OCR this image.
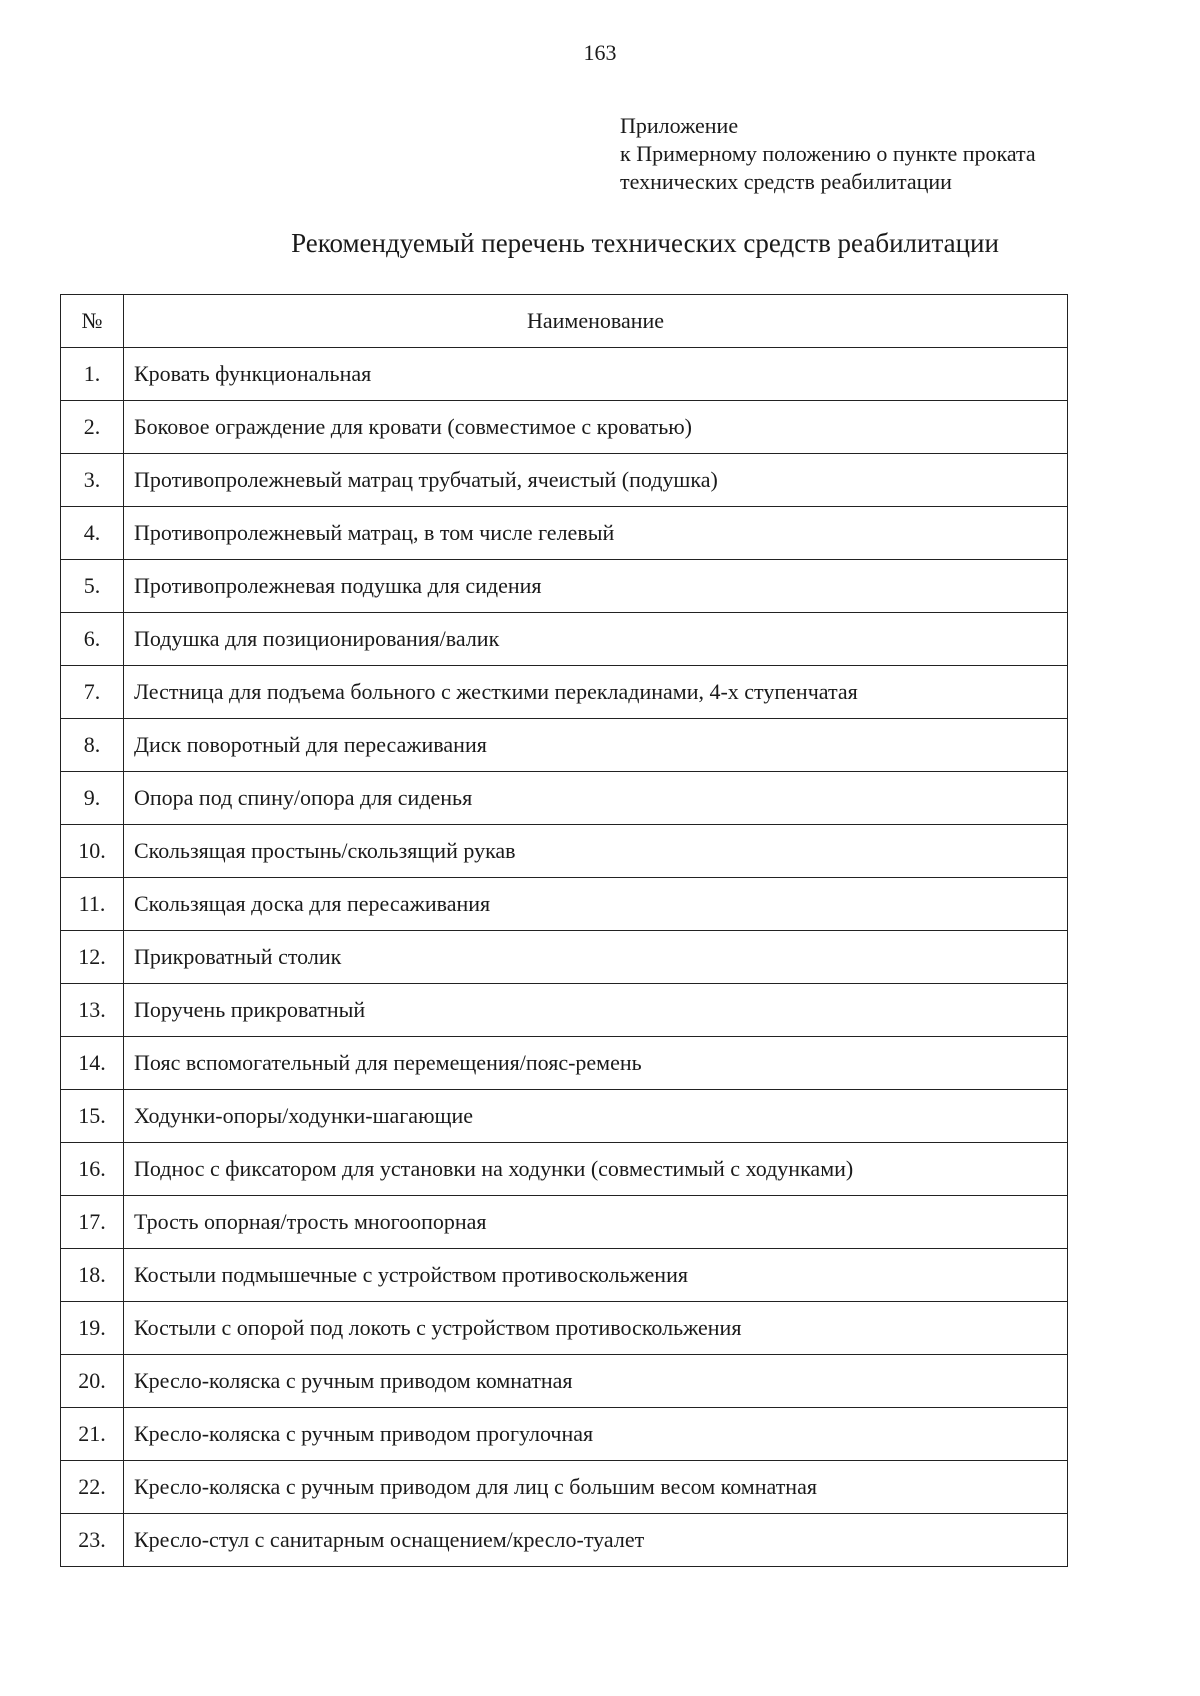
163
Приложение
к Примерному положению о пункте проката
технических средств реабилитации
Рекомендуемый перечень технических средств реабилитации
№	Наименование
1.	Кровать функциональная
2.	Боковое ограждение для кровати (совместимое с кроватью)
3.	Противопролежневый матрац трубчатый, ячеистый (подушка)
4.	Противопролежневый матрац, в том числе гелевый
5.	Противопролежневая подушка для сидения
6.	Подушка для позиционирования/валик
7.	Лестница для подъема больного с жесткими перекладинами, 4-х ступенчатая
8.	Диск поворотный для пересаживания
9.	Опора под спину/опора для сиденья
10.	Скользящая простынь/скользящий рукав
11.	Скользящая доска для пересаживания
12.	Прикроватный столик
13.	Поручень прикроватный
14.	Пояс вспомогательный для перемещения/пояс-ремень
15.	Ходунки-опоры/ходунки-шагающие
16.	Поднос с фиксатором для установки на ходунки (совместимый с ходунками)
17.	Трость опорная/трость многоопорная
18.	Костыли подмышечные с устройством противоскольжения
19.	Костыли с опорой под локоть с устройством противоскольжения
20.	Кресло-коляска с ручным приводом комнатная
21.	Кресло-коляска с ручным приводом прогулочная
22.	Кресло-коляска с ручным приводом для лиц с большим весом комнатная
23.	Кресло-стул с санитарным оснащением/кресло-туалет
